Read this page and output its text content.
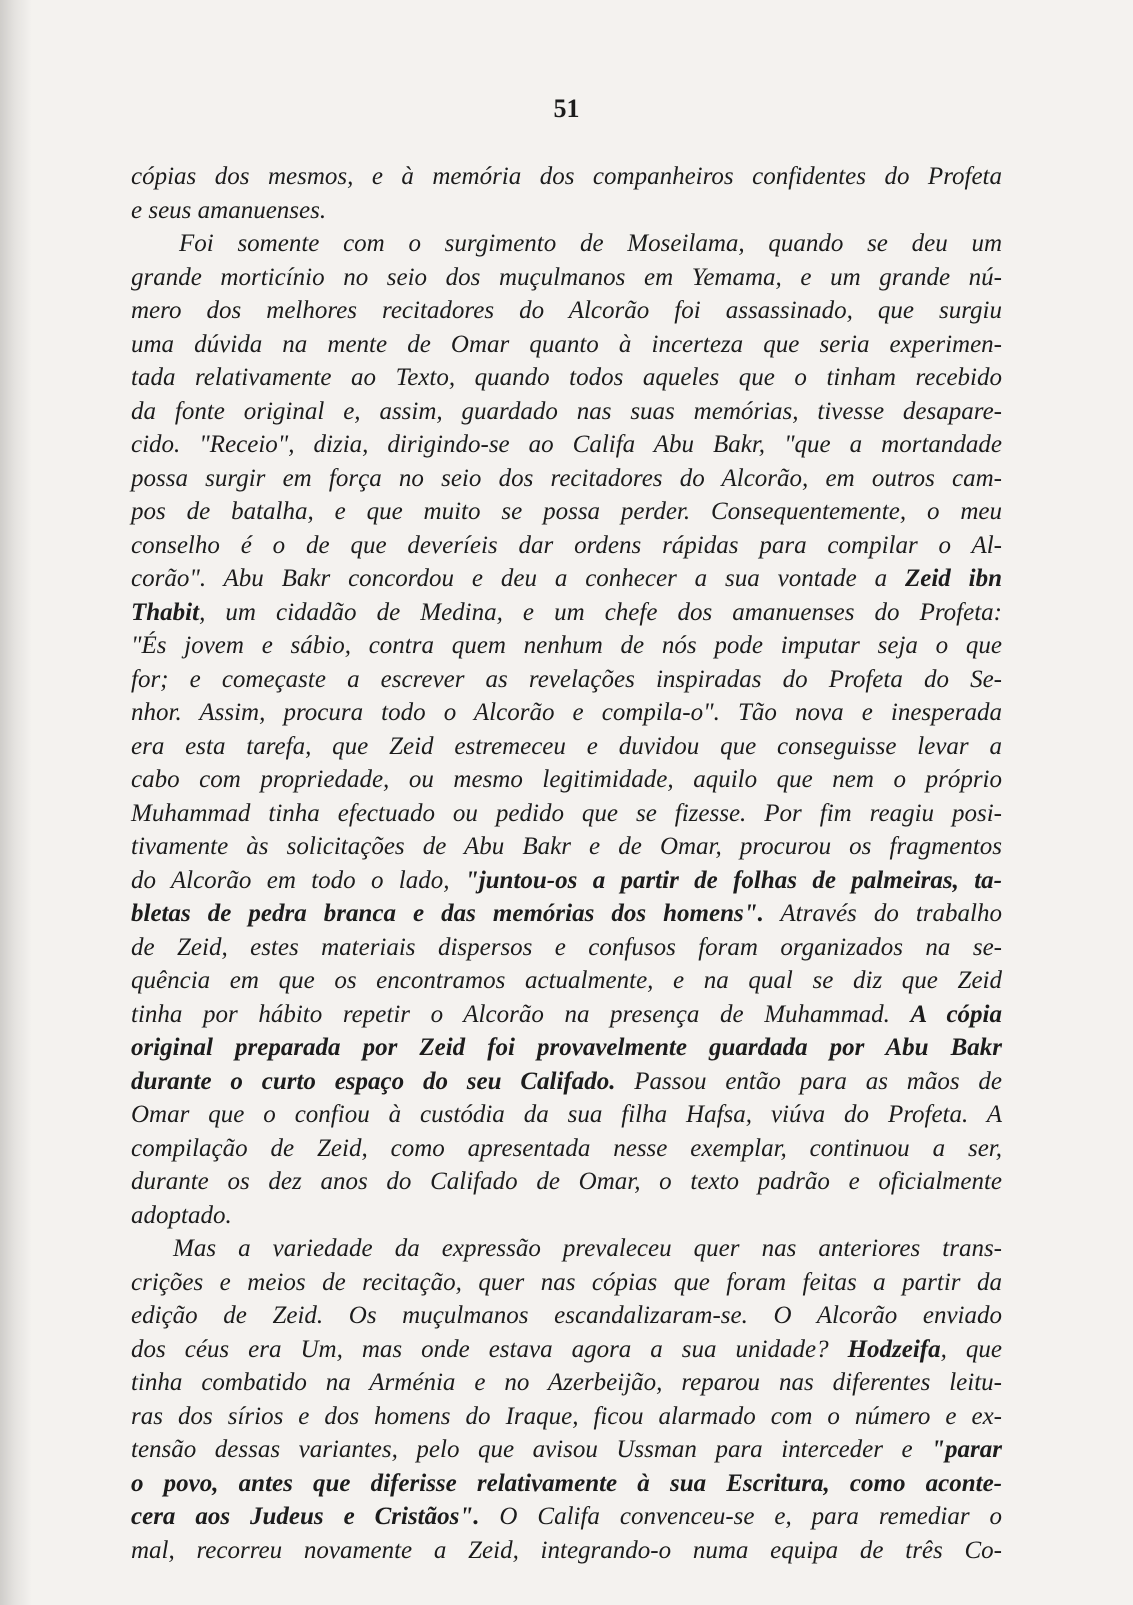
51
cópias dos mesmos, e à memória dos companheiros confidentes do Profeta
e seus amanuenses.
Foi somente com o surgimento de Moseilama, quando se deu um
grande morticínio no seio dos muçulmanos em Yemama, e um grande nú-
mero dos melhores recitadores do Alcorão foi assassinado, que surgiu
uma dúvida na mente de Omar quanto à incerteza que seria experimen-
tada relativamente ao Texto, quando todos aqueles que o tinham recebido
da fonte original e, assim, guardado nas suas memórias, tivesse desapare-
cido. "Receio", dizia, dirigindo-se ao Califa Abu Bakr, "que a mortandade
possa surgir em força no seio dos recitadores do Alcorão, em outros cam-
pos de batalha, e que muito se possa perder. Consequentemente, o meu
conselho é o de que deveríeis dar ordens rápidas para compilar o Al-
corão". Abu Bakr concordou e deu a conhecer a sua vontade a Zeid ibn
Thabit, um cidadão de Medina, e um chefe dos amanuenses do Profeta:
"És jovem e sábio, contra quem nenhum de nós pode imputar seja o que
for; e começaste a escrever as revelações inspiradas do Profeta do Se-
nhor. Assim, procura todo o Alcorão e compila-o". Tão nova e inesperada
era esta tarefa, que Zeid estremeceu e duvidou que conseguisse levar a
cabo com propriedade, ou mesmo legitimidade, aquilo que nem o próprio
Muhammad tinha efectuado ou pedido que se fizesse. Por fim reagiu posi-
tivamente às solicitações de Abu Bakr e de Omar, procurou os fragmentos
do Alcorão em todo o lado, "juntou-os a partir de folhas de palmeiras, ta-
bletas de pedra branca e das memórias dos homens". Através do trabalho
de Zeid, estes materiais dispersos e confusos foram organizados na se-
quência em que os encontramos actualmente, e na qual se diz que Zeid
tinha por hábito repetir o Alcorão na presença de Muhammad. A cópia
original preparada por Zeid foi provavelmente guardada por Abu Bakr
durante o curto espaço do seu Califado. Passou então para as mãos de
Omar que o confiou à custódia da sua filha Hafsa, viúva do Profeta. A
compilação de Zeid, como apresentada nesse exemplar, continuou a ser,
durante os dez anos do Califado de Omar, o texto padrão e oficialmente
adoptado.
Mas a variedade da expressão prevaleceu quer nas anteriores trans-
crições e meios de recitação, quer nas cópias que foram feitas a partir da
edição de Zeid. Os muçulmanos escandalizaram-se. O Alcorão enviado
dos céus era Um, mas onde estava agora a sua unidade? Hodzeifa, que
tinha combatido na Arménia e no Azerbeijão, reparou nas diferentes leitu-
ras dos sírios e dos homens do Iraque, ficou alarmado com o número e ex-
tensão dessas variantes, pelo que avisou Ussman para interceder e "parar
o povo, antes que diferisse relativamente à sua Escritura, como aconte-
cera aos Judeus e Cristãos". O Califa convenceu-se e, para remediar o
mal, recorreu novamente a Zeid, integrando-o numa equipa de três Co-
